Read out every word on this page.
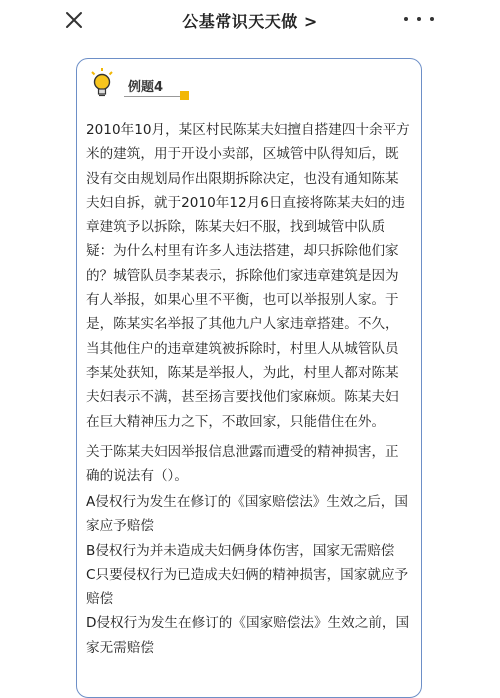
公基常识天天做 >
例题4
2010年10月，某区村民陈某夫妇擅自搭建四十余平方
米的建筑，用于开设小卖部，区城管中队得知后，既
没有交由规划局作出限期拆除决定，也没有通知陈某
夫妇自拆，就于2010年12月6日直接将陈某夫妇的违
章建筑予以拆除，陈某夫妇不服，找到城管中队质
疑：为什么村里有许多人违法搭建，却只拆除他们家
的？城管队员李某表示，拆除他们家违章建筑是因为
有人举报，如果心里不平衡，也可以举报别人家。于
是，陈某实名举报了其他九户人家违章搭建。不久，
当其他住户的违章建筑被拆除时，村里人从城管队员
李某处获知，陈某是举报人，为此，村里人都对陈某
夫妇表示不满，甚至扬言要找他们家麻烦。陈某夫妇
在巨大精神压力之下，不敢回家，只能借住在外。
关于陈某夫妇因举报信息泄露而遭受的精神损害，正
确的说法有（）。
A侵权行为发生在修订的《国家赔偿法》生效之后，国
家应予赔偿
B侵权行为并未造成夫妇俩身体伤害，国家无需赔偿
C只要侵权行为已造成夫妇俩的精神损害，国家就应予
赔偿
D侵权行为发生在修订的《国家赔偿法》生效之前，国
家无需赔偿
